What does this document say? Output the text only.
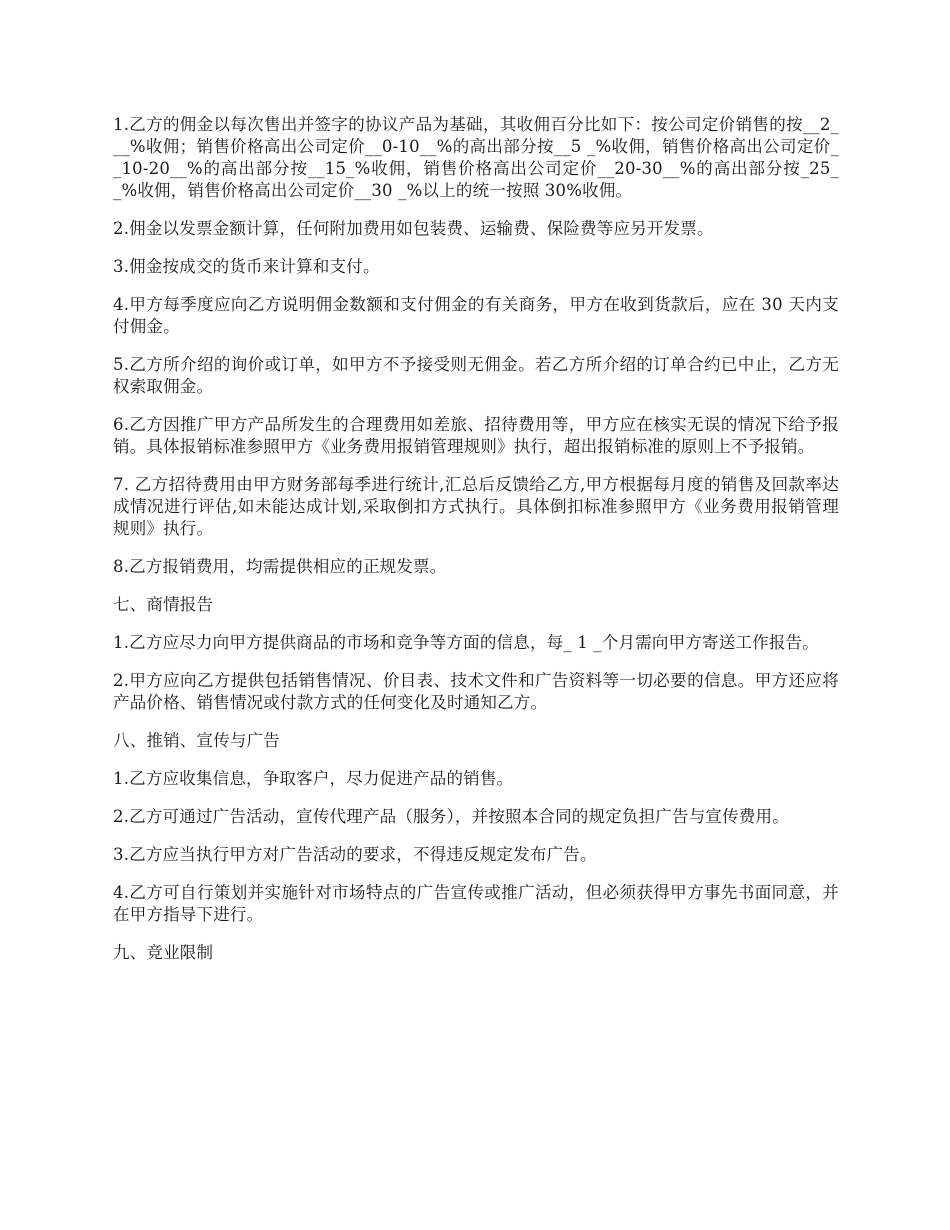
1.乙方的佣金以每次售出并签字的协议产品为基础，其收佣百分比如下：按公司定价销售的按__2___%收佣；销售价格高出公司定价__0-10__%的高出部分按__5 _%收佣，销售价格高出公司定价__10-20__%的高出部分按__15_%收佣，销售价格高出公司定价__20-30__%的高出部分按_25_ _%收佣，销售价格高出公司定价__30 _%以上的统一按照 30%收佣。

2.佣金以发票金额计算，任何附加费用如包装费、运输费、保险费等应另开发票。

3.佣金按成交的货币来计算和支付。

4.甲方每季度应向乙方说明佣金数额和支付佣金的有关商务，甲方在收到货款后，应在 30 天内支付佣金。

5.乙方所介绍的询价或订单，如甲方不予接受则无佣金。若乙方所介绍的订单合约已中止，乙方无权索取佣金。

6.乙方因推广甲方产品所发生的合理费用如差旅、招待费用等，甲方应在核实无误的情况下给予报销。具体报销标准参照甲方《业务费用报销管理规则》执行，超出报销标准的原则上不予报销。

7. 乙方招待费用由甲方财务部每季进行统计,汇总后反馈给乙方,甲方根据每月度的销售及回款率达成情况进行评估,如未能达成计划,采取倒扣方式执行。具体倒扣标准参照甲方《业务费用报销管理规则》执行。

8.乙方报销费用，均需提供相应的正规发票。

七、商情报告

1.乙方应尽力向甲方提供商品的市场和竞争等方面的信息，每_ 1 _个月需向甲方寄送工作报告。

2.甲方应向乙方提供包括销售情况、价目表、技术文件和广告资料等一切必要的信息。甲方还应将产品价格、销售情况或付款方式的任何变化及时通知乙方。

八、推销、宣传与广告

1.乙方应收集信息，争取客户，尽力促进产品的销售。

2.乙方可通过广告活动，宣传代理产品（服务），并按照本合同的规定负担广告与宣传费用。

3.乙方应当执行甲方对广告活动的要求，不得违反规定发布广告。

4.乙方可自行策划并实施针对市场特点的广告宣传或推广活动，但必须获得甲方事先书面同意，并在甲方指导下进行。

九、竞业限制
